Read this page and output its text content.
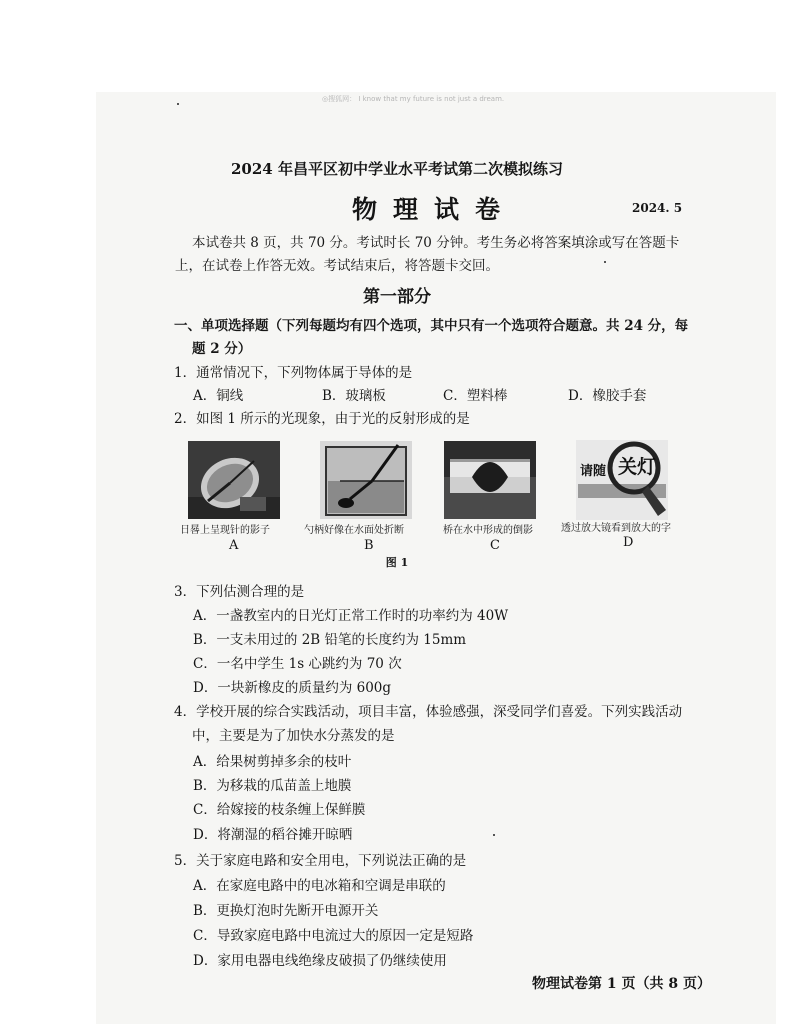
◎搜狐网： I know that my future is not just a dream.
2024 年昌平区初中学业水平考试第二次模拟练习
物理试卷	2024. 5
本试卷共 8 页，共 70 分。考试时长 70 分钟。考生务必将答案填涂或写在答题卡
上，在试卷上作答无效。考试结束后，将答题卡交回。
第一部分
一、单项选择题（下列每题均有四个选项，其中只有一个选项符合题意。共 24 分，每
题 2 分）
1．通常情况下，下列物体属于导体的是
A．铜线	B．玻璃板	C．塑料棒	D．橡胶手套
2．如图 1 所示的光现象，由于光的反射形成的是
请随 关灯
日晷上呈现针的影子	勺柄好像在水面处折断	桥在水中形成的倒影	透过放大镜看到放大的字
A	B	C	D
图 1
3．下列估测合理的是
A．一盏教室内的日光灯正常工作时的功率约为 40W
B．一支未用过的 2B 铅笔的长度约为 15mm
C．一名中学生 1s 心跳约为 70 次
D．一块新橡皮的质量约为 600g
4．学校开展的综合实践活动，项目丰富，体验感强，深受同学们喜爱。下列实践活动
中，主要是为了加快水分蒸发的是
A．给果树剪掉多余的枝叶
B．为移栽的瓜苗盖上地膜
C．给嫁接的枝条缠上保鲜膜
D．将潮湿的稻谷摊开晾晒
5．关于家庭电路和安全用电，下列说法正确的是
A．在家庭电路中的电冰箱和空调是串联的
B．更换灯泡时先断开电源开关
C．导致家庭电路中电流过大的原因一定是短路
D．家用电器电线绝缘皮破损了仍继续使用
物理试卷第 1 页（共 8 页）
